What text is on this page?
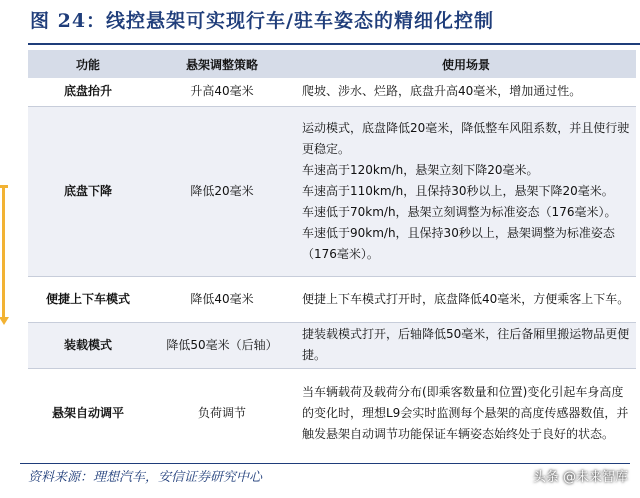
图 24：线控悬架可实现行车/驻车姿态的精细化控制
功能	悬架调整策略	使用场景
底盘抬升	升高40毫米	爬坡、涉水、烂路，底盘升高40毫米，增加通过性。

底盘下降	降低20毫米	运动模式，底盘降低20毫米，降低整车风阻系数，并且使行驶更稳定。

车速高于120km/h，悬架立刻下降20毫米。

车速高于110km/h，且保持30秒以上，悬架下降20毫米。

车速低于70km/h，悬架立刻调整为标准姿态（176毫米）。

车速低于90km/h，且保持30秒以上，悬架调整为标准姿态（176毫米）。

便捷上下车模式	降低40毫米	便捷上下车模式打开时，底盘降低40毫米，方便乘客上下车。

装载模式	降低50毫米（后轴）	捷装载模式打开，后轴降低50毫米，往后备厢里搬运物品更便捷。

悬架自动调平	负荷调节	当车辆载荷及载荷分布(即乘客数量和位置)变化引起车身高度的变化时，理想L9会实时监测每个悬架的高度传感器数值，并触发悬架自动调节功能保证车辆姿态始终处于良好的状态。

资料来源：理想汽车，安信证券研究中心	头条 @未来智库
